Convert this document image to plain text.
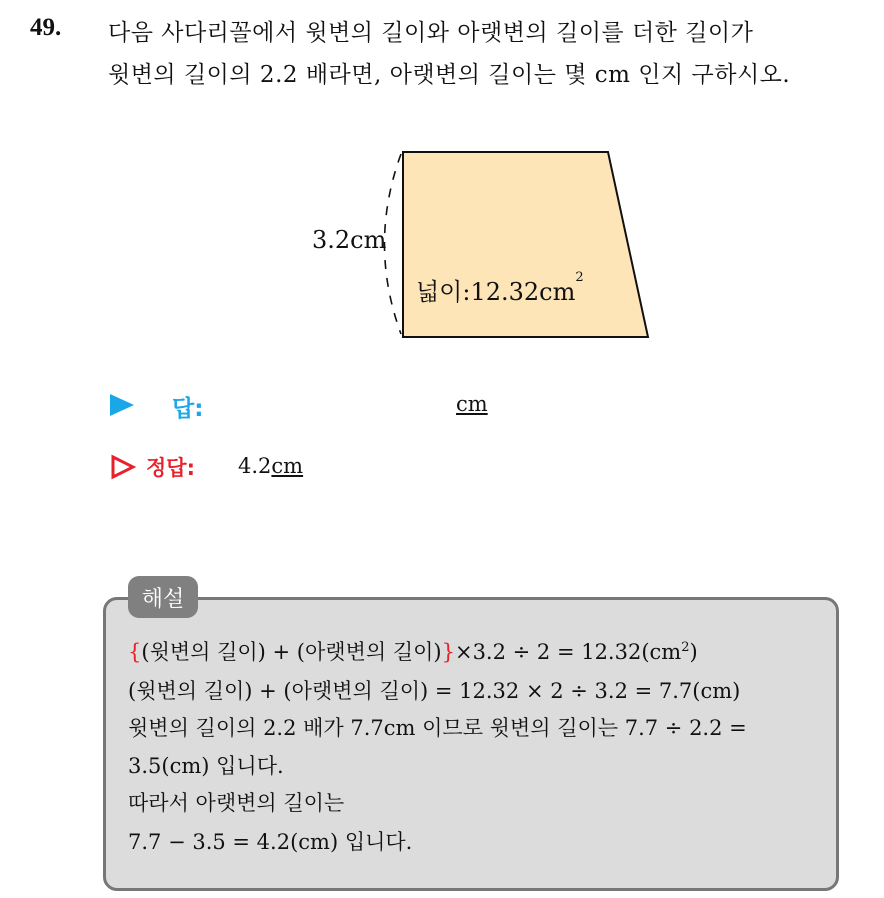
49. 다음 사다리꼴에서 윗변의 길이와 아랫변의 길이를 더한 길이가
윗변의 길이의 2.2 배라면, 아랫변의 길이는 몇 cm 인지 구하시오.
3.2cm
넓이$:12.32cm^2$
답:	cm
정답: 4.2cm
해설
{(윗변의 길이) + (아랫변의 길이)}$\times 3.2 \div 2 = 12.32(cm^2)$
(윗변의 길이) + (아랫변의 길이) = 12.32 × 2 ÷ 3.2 = 7.7(cm)
윗변의 길이의 2.2 배가 7.7cm 이므로 윗변의 길이는 7.7 ÷ 2.2 =
3.5(cm) 입니다.
따라서 아랫변의 길이는
7.7 − 3.5 = 4.2(cm) 입니다.
